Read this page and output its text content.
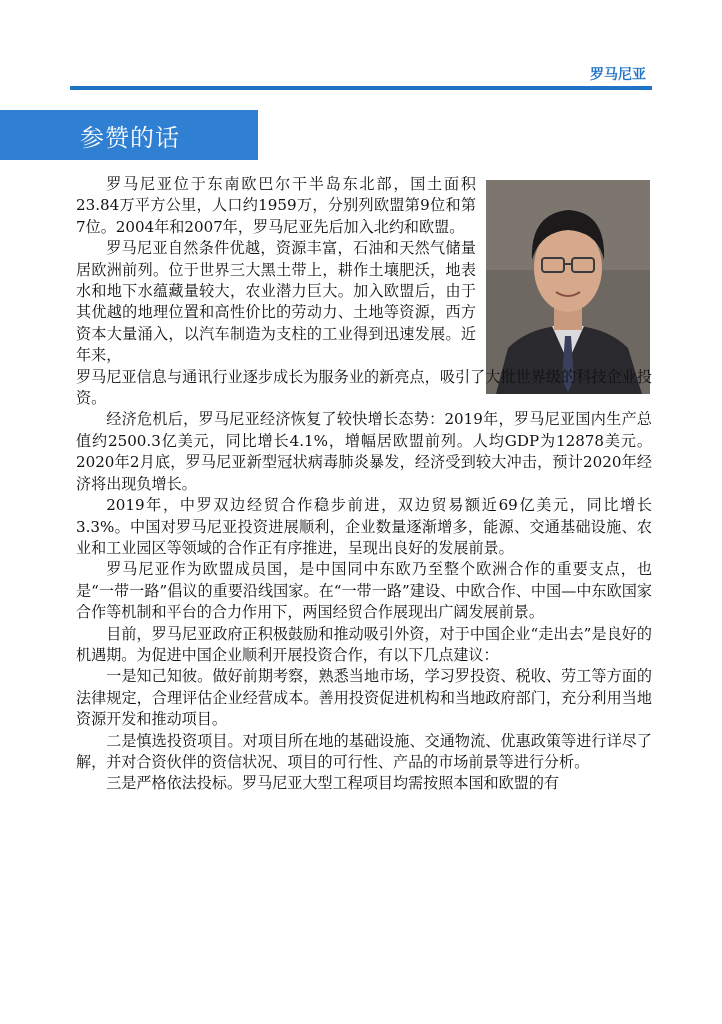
罗马尼亚
参赞的话

罗马尼亚位于东南欧巴尔干半岛东北部，国土面积23.84万平方公里，人口约1959万，分别列欧盟第9位和第7位。2004年和2007年，罗马尼亚先后加入北约和欧盟。

罗马尼亚自然条件优越，资源丰富，石油和天然气储量居欧洲前列。位于世界三大黑土带上，耕作土壤肥沃，地表水和地下水蕴藏量较大，农业潜力巨大。加入欧盟后，由于其优越的地理位置和高性价比的劳动力、土地等资源，西方资本大量涌入，以汽车制造为支柱的工业得到迅速发展。近年来，

罗马尼亚信息与通讯行业逐步成长为服务业的新亮点，吸引了大批世界级的科技企业投资。

经济危机后，罗马尼亚经济恢复了较快增长态势：2019年，罗马尼亚国内生产总值约2500.3亿美元，同比增长4.1%，增幅居欧盟前列。人均GDP为12878美元。2020年2月底，罗马尼亚新型冠状病毒肺炎暴发，经济受到较大冲击，预计2020年经济将出现负增长。

2019年，中罗双边经贸合作稳步前进，双边贸易额近69亿美元，同比增长3.3%。中国对罗马尼亚投资进展顺利，企业数量逐渐增多，能源、交通基础设施、农业和工业园区等领域的合作正有序推进，呈现出良好的发展前景。

罗马尼亚作为欧盟成员国，是中国同中东欧乃至整个欧洲合作的重要支点，也是“一带一路”倡议的重要沿线国家。在“一带一路”建设、中欧合作、中国—中东欧国家合作等机制和平台的合力作用下，两国经贸合作展现出广阔发展前景。

目前，罗马尼亚政府正积极鼓励和推动吸引外资，对于中国企业“走出去”是良好的机遇期。为促进中国企业顺利开展投资合作，有以下几点建议：

一是知己知彼。做好前期考察，熟悉当地市场，学习罗投资、税收、劳工等方面的法律规定，合理评估企业经营成本。善用投资促进机构和当地政府部门，充分利用当地资源开发和推动项目。

二是慎选投资项目。对项目所在地的基础设施、交通物流、优惠政策等进行详尽了解，并对合资伙伴的资信状况、项目的可行性、产品的市场前景等进行分析。

三是严格依法投标。罗马尼亚大型工程项目均需按照本国和欧盟的有
